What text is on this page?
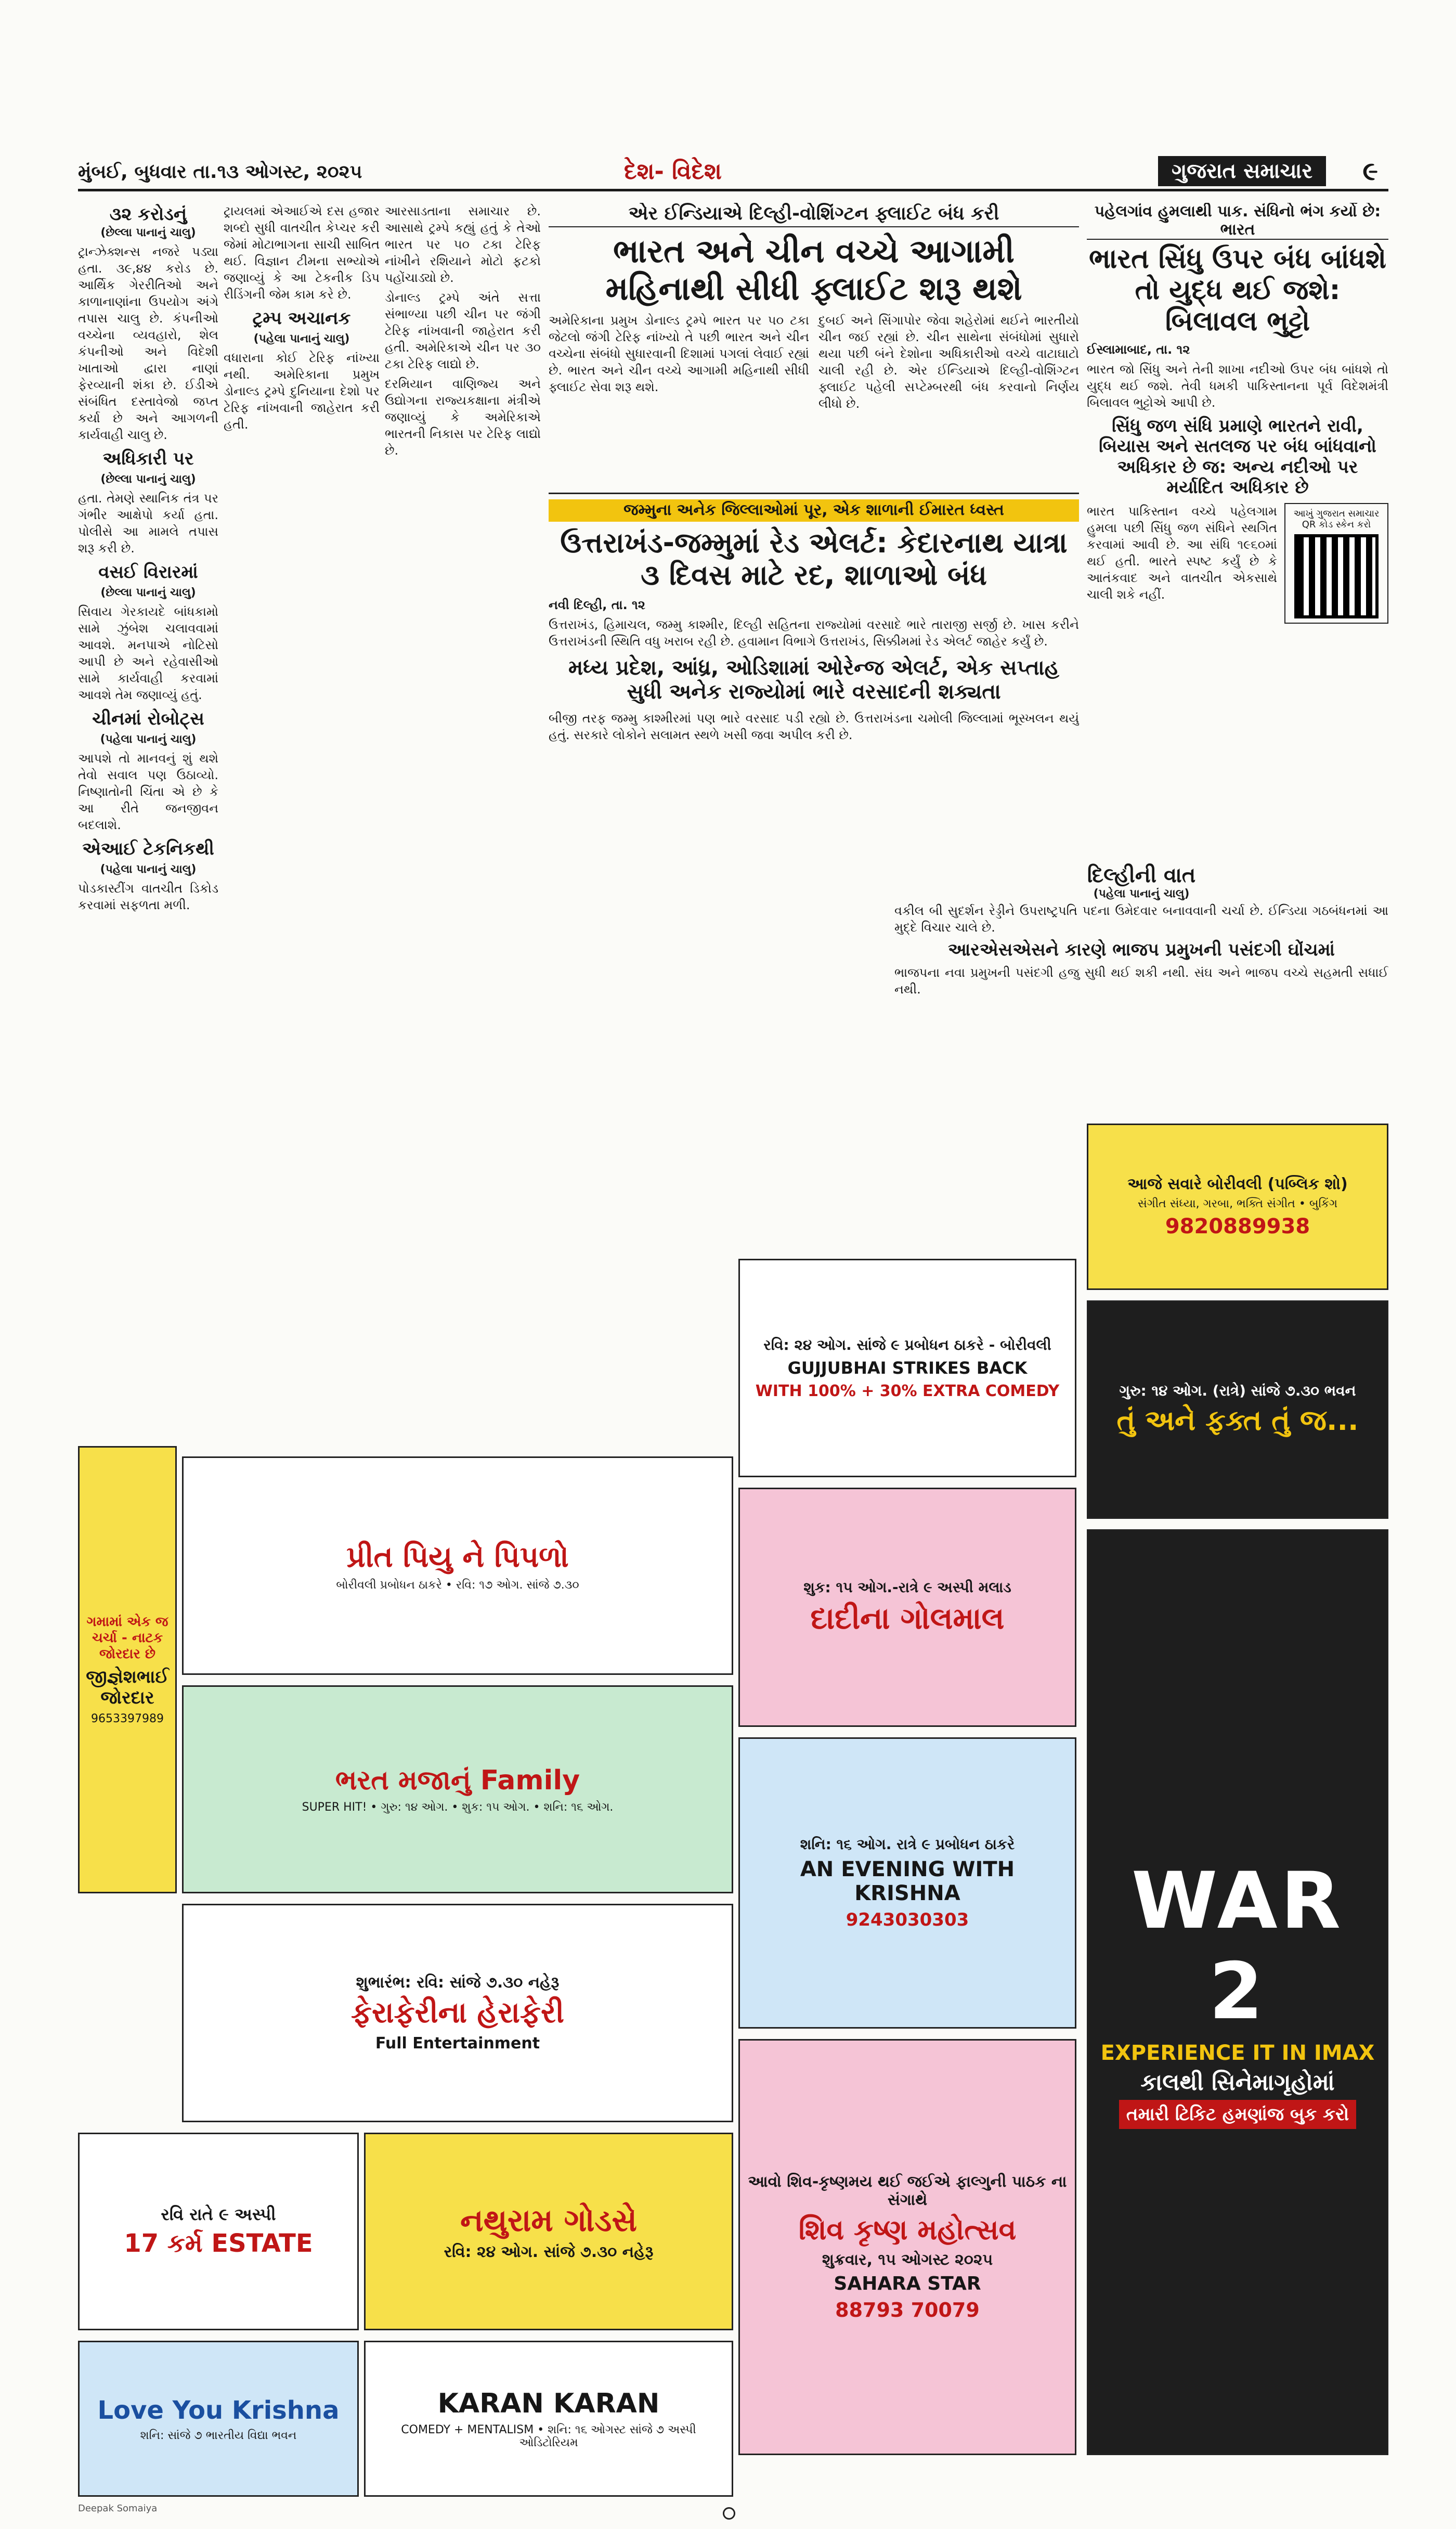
મુંબઈ, બુધવાર તા.૧૩ ઓગસ્ટ, ૨૦૨૫	દેશ- વિદેશ	ગુજરાત સમાચાર	૯
૩૨ કરોડનું
(છેલ્લા પાનાનું ચાલુ)

ટ્રાન્ઝેક્શન્સ નજરે પડ્યા હતા. ૩૯,૪૪ કરોડ છે. આર્થિક ગેરરીતિઓ અને કાળાનાણાંના ઉપયોગ અંગે તપાસ ચાલુ છે. કંપનીઓ વચ્ચેના વ્યવહારો, શેલ કંપનીઓ અને વિદેશી ખાતાઓ દ્વારા નાણાં ફેરવ્યાની શંકા છે. ઈડીએ સંબંધિત દસ્તાવેજો જપ્ત કર્યા છે અને આગળની કાર્યવાહી ચાલુ છે.

અધિકારી પર
(છેલ્લા પાનાનું ચાલુ)

હતા. તેમણે સ્થાનિક તંત્ર પર ગંભીર આક્ષેપો કર્યા હતા. પોલીસે આ મામલે તપાસ શરૂ કરી છે.

વસઈ વિરારમાં
(છેલ્લા પાનાનું ચાલુ)

સિવાય ગેરકાયદે બાંધકામો સામે ઝુંબેશ ચલાવવામાં આવશે. મનપાએ નોટિસો આપી છે અને રહેવાસીઓ સામે કાર્યવાહી કરવામાં આવશે તેમ જણાવ્યું હતું.

ચીનમાં રોબોટ્સ
(પહેલા પાનાનું ચાલુ)

આપશે તો માનવનું શું થશે તેવો સવાલ પણ ઉઠાવ્યો. નિષ્ણાતોની ચિંતા એ છે કે આ રીતે જનજીવન બદલાશે.

એઆઈ ટેકનિકથી
(પહેલા પાનાનું ચાલુ)

પોડકાસ્ટીંગ વાતચીત ડિકોડ કરવામાં સફળતા મળી.

ટ્રાયલમાં એઆઈએ દસ હજાર શબ્દો સુધી વાતચીત કેપ્ચર કરી જેમાં મોટાભાગના સાચી સાબિત થઈ. વિજ્ઞાન ટીમના સભ્યોએ જણાવ્યું કે આ ટેકનીક ડિપ રીડિંગની જેમ કામ કરે છે.

ટ્રમ્પ અચાનક
(પહેલા પાનાનું ચાલુ)

વધારાના કોઈ ટેરિફ નાંખ્યા નથી. અમેરિકાના પ્રમુખ ડોનાલ્ડ ટ્રમ્પે દુનિયાના દેશો પર ટેરિફ નાંખવાની જાહેરાત કરી હતી.

આરસાડતાના સમાચાર છે. આસાથે ટ્રમ્પે કહ્યું હતું કે તેઓ ભારત પર ૫૦ ટકા ટેરિફ નાંખીને રશિયાને મોટો ફટકો પહોંચાડ્યો છે.

ડોનાલ્ડ ટ્રમ્પે અંતે સત્તા સંભાળ્યા પછી ચીન પર જંગી ટેરિફ નાંખવાની જાહેરાત કરી હતી. અમેરિકાએ ચીન પર ૩૦ ટકા ટેરિફ લાદ્યો છે.

દરમિયાન વાણિજ્ય અને ઉદ્યોગના રાજ્યકક્ષાના મંત્રીએ જણાવ્યું કે અમેરિકાએ ભારતની નિકાસ પર ટેરિફ લાદ્યો છે.

એર ઈન્ડિયાએ દિલ્હી-વોશિંગ્ટન ફ્લાઈટ બંધ કરી
ભારત અને ચીન વચ્ચે આગામી મહિનાથી સીધી ફ્લાઈટ શરૂ થશે

અમેરિકાના પ્રમુખ ડોનાલ્ડ ટ્રમ્પે ભારત પર ૫૦ ટકા જેટલો જંગી ટેરિફ નાંખ્યો તે પછી ભારત અને ચીન વચ્ચેના સંબંધો સુધારવાની દિશામાં પગલાં લેવાઈ રહ્યાં છે. ભારત અને ચીન વચ્ચે આગામી મહિનાથી સીધી ફ્લાઈટ સેવા શરૂ થશે.

દુબઈ અને સિંગાપોર જેવા શહેરોમાં થઈને ભારતીયો ચીન જઈ રહ્યાં છે. ચીન સાથેના સંબંધોમાં સુધારો થયા પછી બંને દેશોના અધિકારીઓ વચ્ચે વાટાઘાટો ચાલી રહી છે. એર ઈન્ડિયાએ દિલ્હી-વોશિંગ્ટન ફ્લાઈટ પહેલી સપ્ટેમ્બરથી બંધ કરવાનો નિર્ણય લીધો છે.

જમ્મુના અનેક જિલ્લાઓમાં પૂર, એક શાળાની ઈમારત ધ્વસ્ત
ઉત્તરાખંડ-જમ્મુમાં રેડ એલર્ટ: કેદારનાથ યાત્રા ૩ દિવસ માટે રદ, શાળાઓ બંધ

નવી દિલ્હી, તા. ૧૨

ઉત્તરાખંડ, હિમાચલ, જમ્મુ કાશ્મીર, દિલ્હી સહિતના રાજ્યોમાં વરસાદે ભારે તારાજી સર્જી છે. ખાસ કરીને ઉત્તરાખંડની સ્થિતિ વધુ ખરાબ રહી છે. હવામાન વિભાગે ઉત્તરાખંડ, સિક્કીમમાં રેડ એલર્ટ જાહેર કર્યું છે.

મધ્ય પ્રદેશ, આંધ્ર, ઓડિશામાં ઓરેન્જ એલર્ટ, એક સપ્તાહ સુધી અનેક રાજ્યોમાં ભારે વરસાદની શક્યતા

બીજી તરફ જમ્મુ કાશ્મીરમાં પણ ભારે વરસાદ પડી રહ્યો છે. ઉત્તરાખંડના ચમોલી જિલ્લામાં ભૂસ્ખલન થયું હતું. સરકારે લોકોને સલામત સ્થળે ખસી જવા અપીલ કરી છે.

પહેલગાંવ હુમલાથી પાક. સંધિનો ભંગ કર્યો છે: ભારત
ભારત સિંધુ ઉપર બંધ બાંધશે તો યુદ્ધ થઈ જશે: બિલાવલ ભુટ્ટો

ઈસ્લામાબાદ, તા. ૧૨

ભારત જો સિંધુ અને તેની શાખા નદીઓ ઉપર બંધ બાંધશે તો યુદ્ધ થઈ જશે. તેવી ધમકી પાકિસ્તાનના પૂર્વ વિદેશમંત્રી બિલાવલ ભુટ્ટોએ આપી છે.

સિંધુ જળ સંધિ પ્રમાણે ભારતને રાવી, બિયાસ અને સતલજ પર બંધ બાંધવાનો અધિકાર છે જ: અન્ય નદીઓ પર મર્યાદિત અધિકાર છે

ભારત પાકિસ્તાન વચ્ચે પહેલગામ હુમલા પછી સિંધુ જળ સંધિને સ્થગિત કરવામાં આવી છે. આ સંધિ ૧૯૬૦માં થઈ હતી. ભારતે સ્પષ્ટ કર્યું છે કે આતંકવાદ અને વાતચીત એકસાથે ચાલી શકે નહીં.

આખું ગુજરાત સમાચાર QR કોડ સ્કેન કરો
દિલ્હીની વાત
(પહેલા પાનાનું ચાલુ)

વકીલ બી સુદર્શન રેડ્ડીને ઉપરાષ્ટ્રપતિ પદના ઉમેદવાર બનાવવાની ચર્ચા છે. ઈન્ડિયા ગઠબંધનમાં આ મુદ્દે વિચાર ચાલે છે.

આરએસએસને કારણે ભાજપ પ્રમુખની પસંદગી ઘોંચમાં

ભાજપના નવા પ્રમુખની પસંદગી હજુ સુધી થઈ શકી નથી. સંઘ અને ભાજપ વચ્ચે સહમતી સધાઈ નથી.

આજે સવારે બોરીવલી (પબ્લિક શો)
સંગીત સંધ્યા, ગરબા, ભક્તિ સંગીત • બુકિંગ
9820889938
રવિ: ૨૪ ઓગ. સાંજે ૯ પ્રબોધન ઠાકરે - બોરીવલી
GUJJUBHAI STRIKES BACK
WITH 100% + 30% EXTRA COMEDY	ગુરુ: ૧૪ ઓગ. (રાત્રે) સાંજે ૭.૩૦ ભવન
તું અને ફક્ત તું જ...
શુક: ૧૫ ઓગ.-રાત્રે ૯ અસ્પી મલાડ
દાદીના ગોલમાલ
પ્રીત પિયુ ને પિપળો
બોરીવલી પ્રબોધન ઠાકરે • રવિ: ૧૭ ઓગ. સાંજે ૭.૩૦
શનિ: ૧૬ ઓગ. રાત્રે ૯ પ્રબોધન ઠાકરે
AN EVENING WITH KRISHNA
9243030303
ભરત મજાનું Family
SUPER HIT! • ગુરુ: ૧૪ ઓગ. • શુક: ૧૫ ઓગ. • શનિ: ૧૬ ઓગ.
ગમામાં એક જ ચર્ચા - નાટક જોરદાર છે
જીજ્ઞેશભાઈ જોરદાર
9653397989
શુભારંભ: રવિ: સાંજે ૭.૩૦ નહેરૂ
ફેરાફેરીના હેરાફેરી
Full Entertainment
આવો શિવ-કૃષ્ણમય થઈ જઈએ ફાલ્ગુની પાઠક ના સંગાથે
શિવ કૃષ્ણ મહોત્સવ
શુક્રવાર, ૧૫ ઓગસ્ટ ૨૦૨૫
SAHARA STAR
88793 70079
WAR 2
EXPERIENCE IT IN IMAX
કાલથી સિનેમાગૃહોમાં
તમારી ટિકિટ હમણાંજ બુક કરો
રવિ રાતે ૯ અસ્પી
17 કર્મ ESTATE
નથુરામ ગોડસે
રવિ: ૨૪ ઓગ. સાંજે ૭.૩૦ નહેરૂ
Love You Krishna
શનિ: સાંજે ૭ ભારતીય વિદ્યા ભવન
KARAN KARAN
COMEDY + MENTALISM • શનિ: ૧૬ ઓગસ્ટ સાંજે ૭ અસ્પી ઓડિટોરિયમ
Deepak Somaiya
